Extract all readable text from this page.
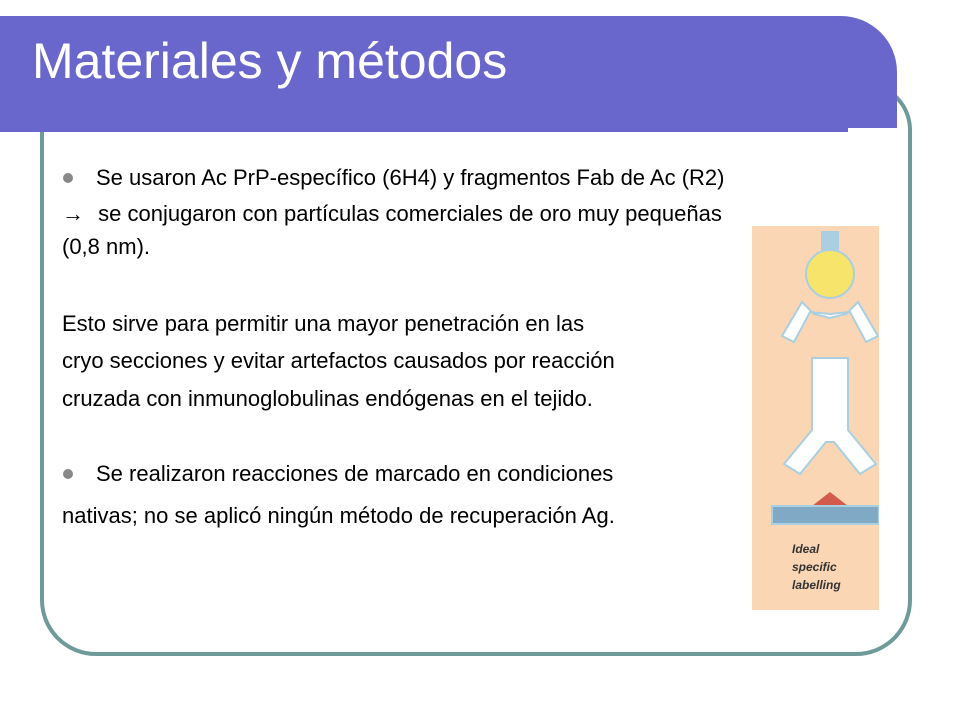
Materiales y métodos

Se usaron Ac PrP-específico (6H4) y fragmentos Fab de Ac (R2)

→ se conjugaron con partículas comerciales de oro muy pequeñas

(0,8 nm).

Esto sirve para permitir una mayor penetración en las

cryo secciones y evitar artefactos causados por reacción

cruzada con inmunoglobulinas endógenas en el tejido.

Se realizaron reacciones de marcado en condiciones

nativas; no se aplicó ningún método de recuperación Ag.

Ideal

specific

labelling
